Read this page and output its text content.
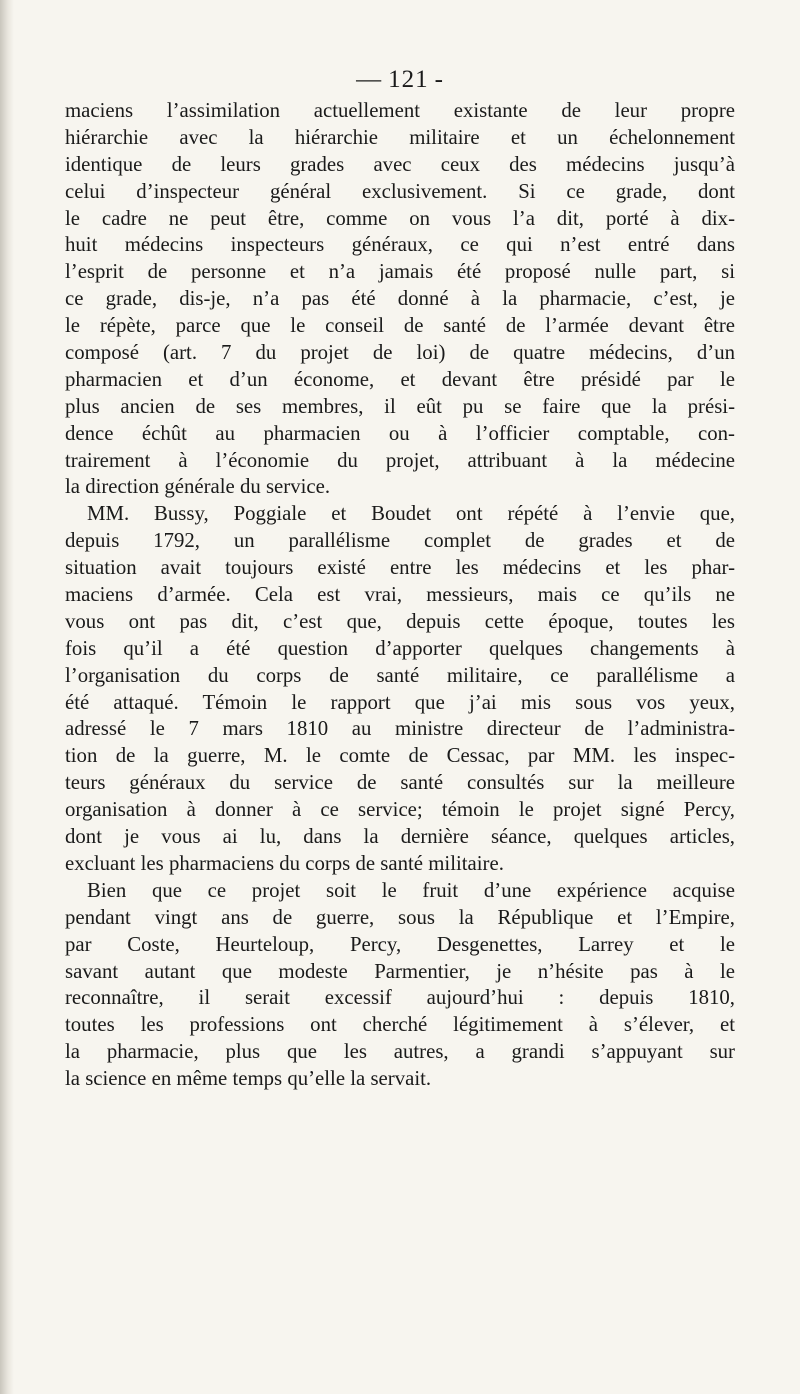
— 121 -
maciens l’assimilation actuellement existante de leur propre
hiérarchie avec la hiérarchie militaire et un échelonnement
identique de leurs grades avec ceux des médecins jusqu’à
celui d’inspecteur général exclusivement. Si ce grade, dont
le cadre ne peut être, comme on vous l’a dit, porté à dix-
huit médecins inspecteurs généraux, ce qui n’est entré dans
l’esprit de personne et n’a jamais été proposé nulle part, si
ce grade, dis-je, n’a pas été donné à la pharmacie, c’est, je
le répète, parce que le conseil de santé de l’armée devant être
composé (art. 7 du projet de loi) de quatre médecins, d’un
pharmacien et d’un économe, et devant être présidé par le
plus ancien de ses membres, il eût pu se faire que la prési-
dence échût au pharmacien ou à l’officier comptable, con-
trairement à l’économie du projet, attribuant à la médecine
la direction générale du service.
MM. Bussy, Poggiale et Boudet ont répété à l’envie que,
depuis 1792, un parallélisme complet de grades et de
situation avait toujours existé entre les médecins et les phar-
maciens d’armée. Cela est vrai, messieurs, mais ce qu’ils ne
vous ont pas dit, c’est que, depuis cette époque, toutes les
fois qu’il a été question d’apporter quelques changements à
l’organisation du corps de santé militaire, ce parallélisme a
été attaqué. Témoin le rapport que j’ai mis sous vos yeux,
adressé le 7 mars 1810 au ministre directeur de l’administra-
tion de la guerre, M. le comte de Cessac, par MM. les inspec-
teurs généraux du service de santé consultés sur la meilleure
organisation à donner à ce service; témoin le projet signé Percy,
dont je vous ai lu, dans la dernière séance, quelques articles,
excluant les pharmaciens du corps de santé militaire.
Bien que ce projet soit le fruit d’une expérience acquise
pendant vingt ans de guerre, sous la République et l’Empire,
par Coste, Heurteloup, Percy, Desgenettes, Larrey et le
savant autant que modeste Parmentier, je n’hésite pas à le
reconnaître, il serait excessif aujourd’hui : depuis 1810,
toutes les professions ont cherché légitimement à s’élever, et
la pharmacie, plus que les autres, a grandi s’appuyant sur
la science en même temps qu’elle la servait.
